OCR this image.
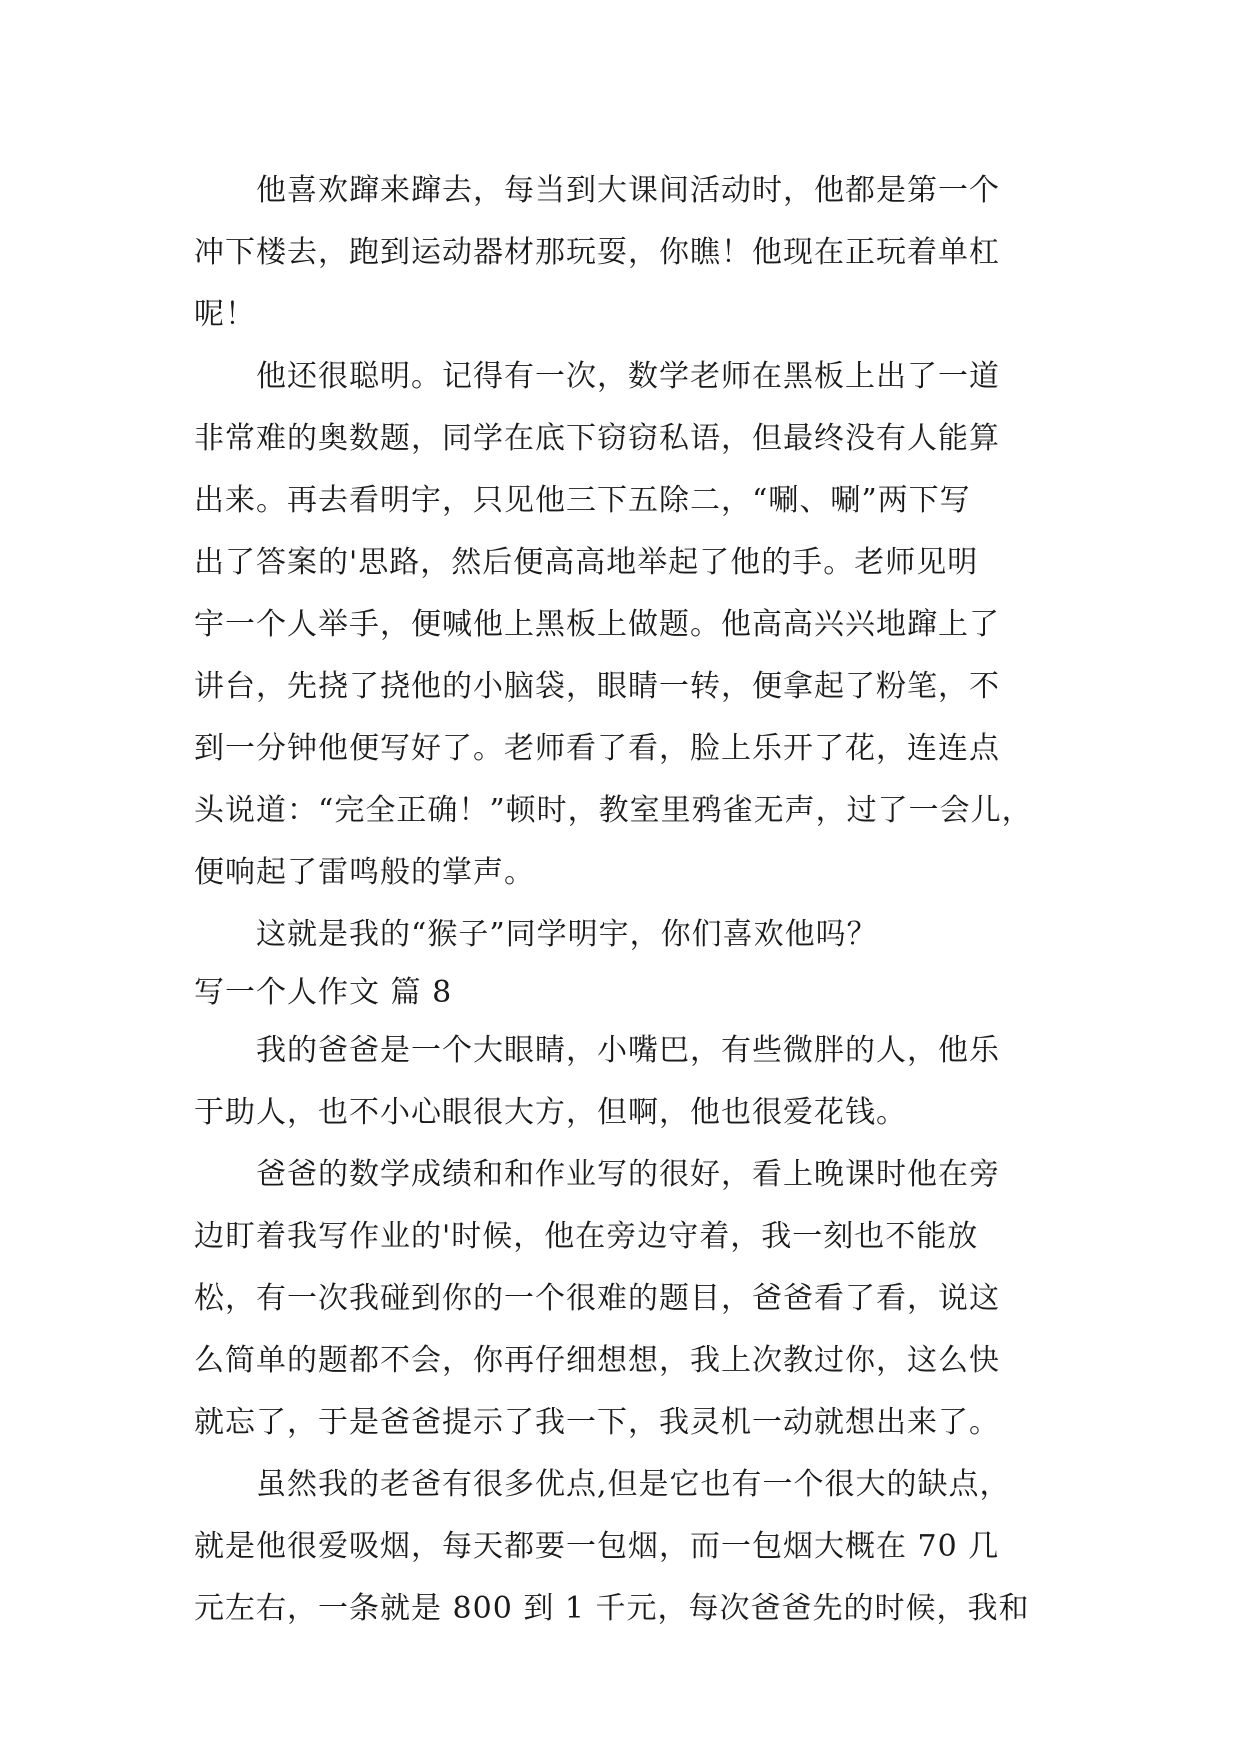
他喜欢蹿来蹿去，每当到大课间活动时，他都是第一个
冲下楼去，跑到运动器材那玩耍，你瞧！他现在正玩着单杠
呢！
他还很聪明。记得有一次，数学老师在黑板上出了一道
非常难的奥数题，同学在底下窃窃私语，但最终没有人能算
出来。再去看明宇，只见他三下五除二，“唰、唰”两下写
出了答案的'思路，然后便高高地举起了他的手。老师见明
宇一个人举手，便喊他上黑板上做题。他高高兴兴地蹿上了
讲台，先挠了挠他的小脑袋，眼睛一转，便拿起了粉笔，不
到一分钟他便写好了。老师看了看，脸上乐开了花，连连点
头说道：“完全正确！”顿时，教室里鸦雀无声，过了一会儿，
便响起了雷鸣般的掌声。
这就是我的“猴子”同学明宇，你们喜欢他吗？
写一个人作文 篇 8
我的爸爸是一个大眼睛，小嘴巴，有些微胖的人，他乐
于助人，也不小心眼很大方，但啊，他也很爱花钱。
爸爸的数学成绩和和作业写的很好，看上晚课时他在旁
边盯着我写作业的'时候，他在旁边守着，我一刻也不能放
松，有一次我碰到你的一个很难的题目，爸爸看了看，说这
么简单的题都不会，你再仔细想想，我上次教过你，这么快
就忘了，于是爸爸提示了我一下，我灵机一动就想出来了。
虽然我的老爸有很多优点,但是它也有一个很大的缺点，
就是他很爱吸烟，每天都要一包烟，而一包烟大概在 70 几
元左右，一条就是 800 到 1 千元，每次爸爸先的时候，我和
